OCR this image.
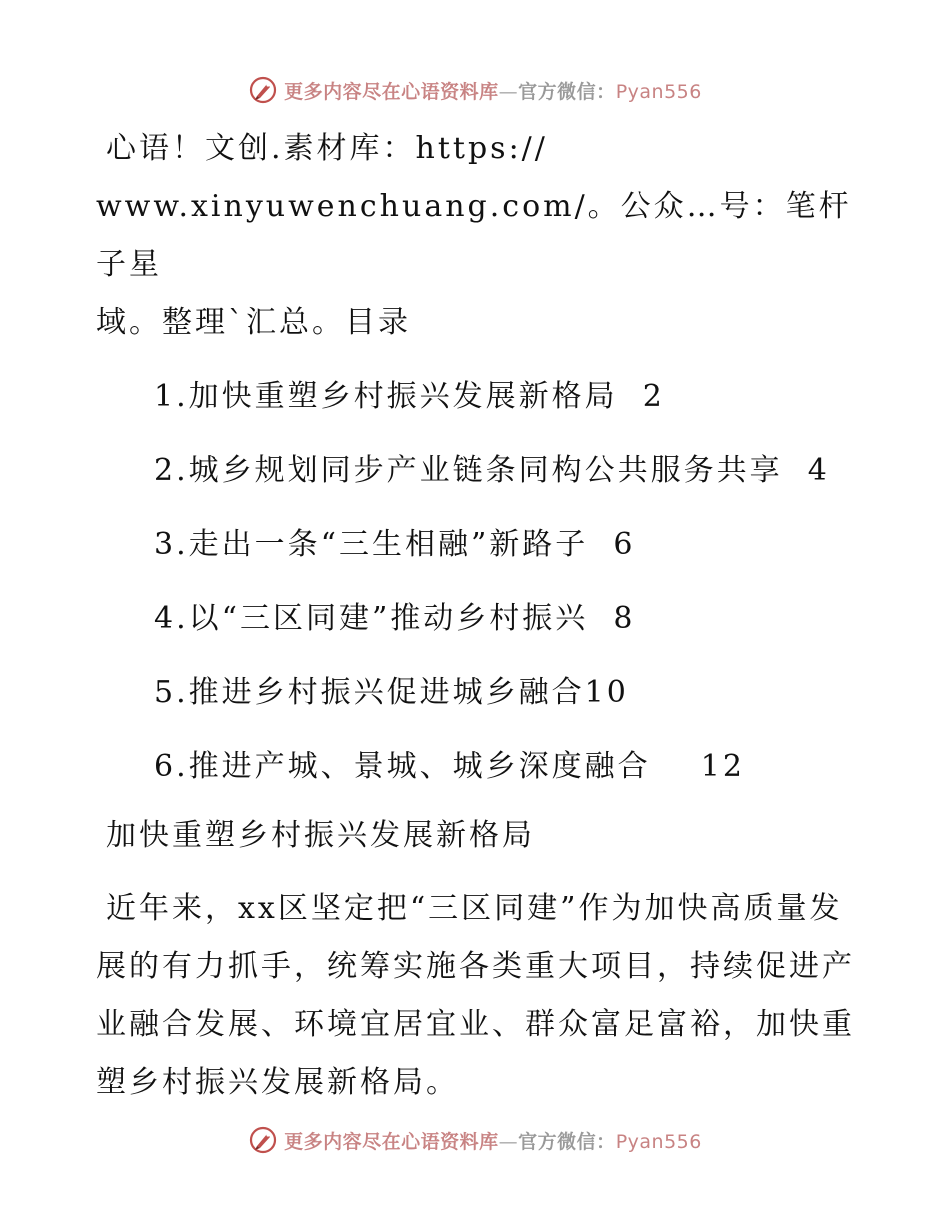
更多内容尽在心语资料库—官方微信：Pyan556

心语！文创.素材库：https://

www.xinyuwenchuang.com/。公众…号：笔杆子星

域。整理`汇总。目录

1.加快重塑乡村振兴发展新格局  2
2.城乡规划同步产业链条同构公共服务共享  4
3.走出一条“三生相融”新路子  6
4.以“三区同建”推动乡村振兴  8
5.推进乡村振兴促进城乡融合10
6.推进产城、景城、城乡深度融合    12
加快重塑乡村振兴发展新格局

近年来，xx区坚定把“三区同建”作为加快高质量发展的有力抓手，统筹实施各类重大项目，持续促进产业融合发展、环境宜居宜业、群众富足富裕，加快重塑乡村振兴发展新格局。

更多内容尽在心语资料库—官方微信：Pyan556
